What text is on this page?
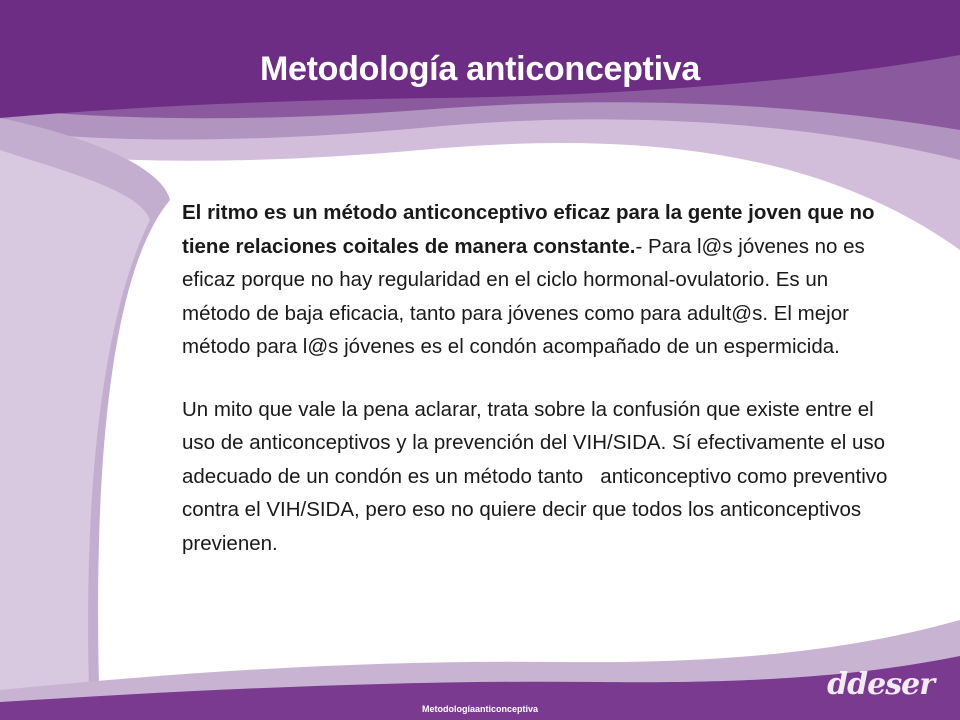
Metodología anticonceptiva

El ritmo es un método anticonceptivo eficaz para la gente joven que no tiene relaciones coitales de manera constante.- Para l@s jóvenes no es eficaz porque no hay regularidad en el ciclo hormonal-ovulatorio. Es un método de baja eficacia, tanto para jóvenes como para adult@s. El mejor método para l@s jóvenes es el condón acompañado de un espermicida.

Un mito que vale la pena aclarar, trata sobre la confusión que existe entre el uso de anticonceptivos y la prevención del VIH/SIDA. Sí efectivamente el uso adecuado de un condón es un método tanto   anticonceptivo como preventivo contra el VIH/SIDA, pero eso no quiere decir que todos los anticonceptivos previenen.

Metodologíaanticonceptiva
ddeser
